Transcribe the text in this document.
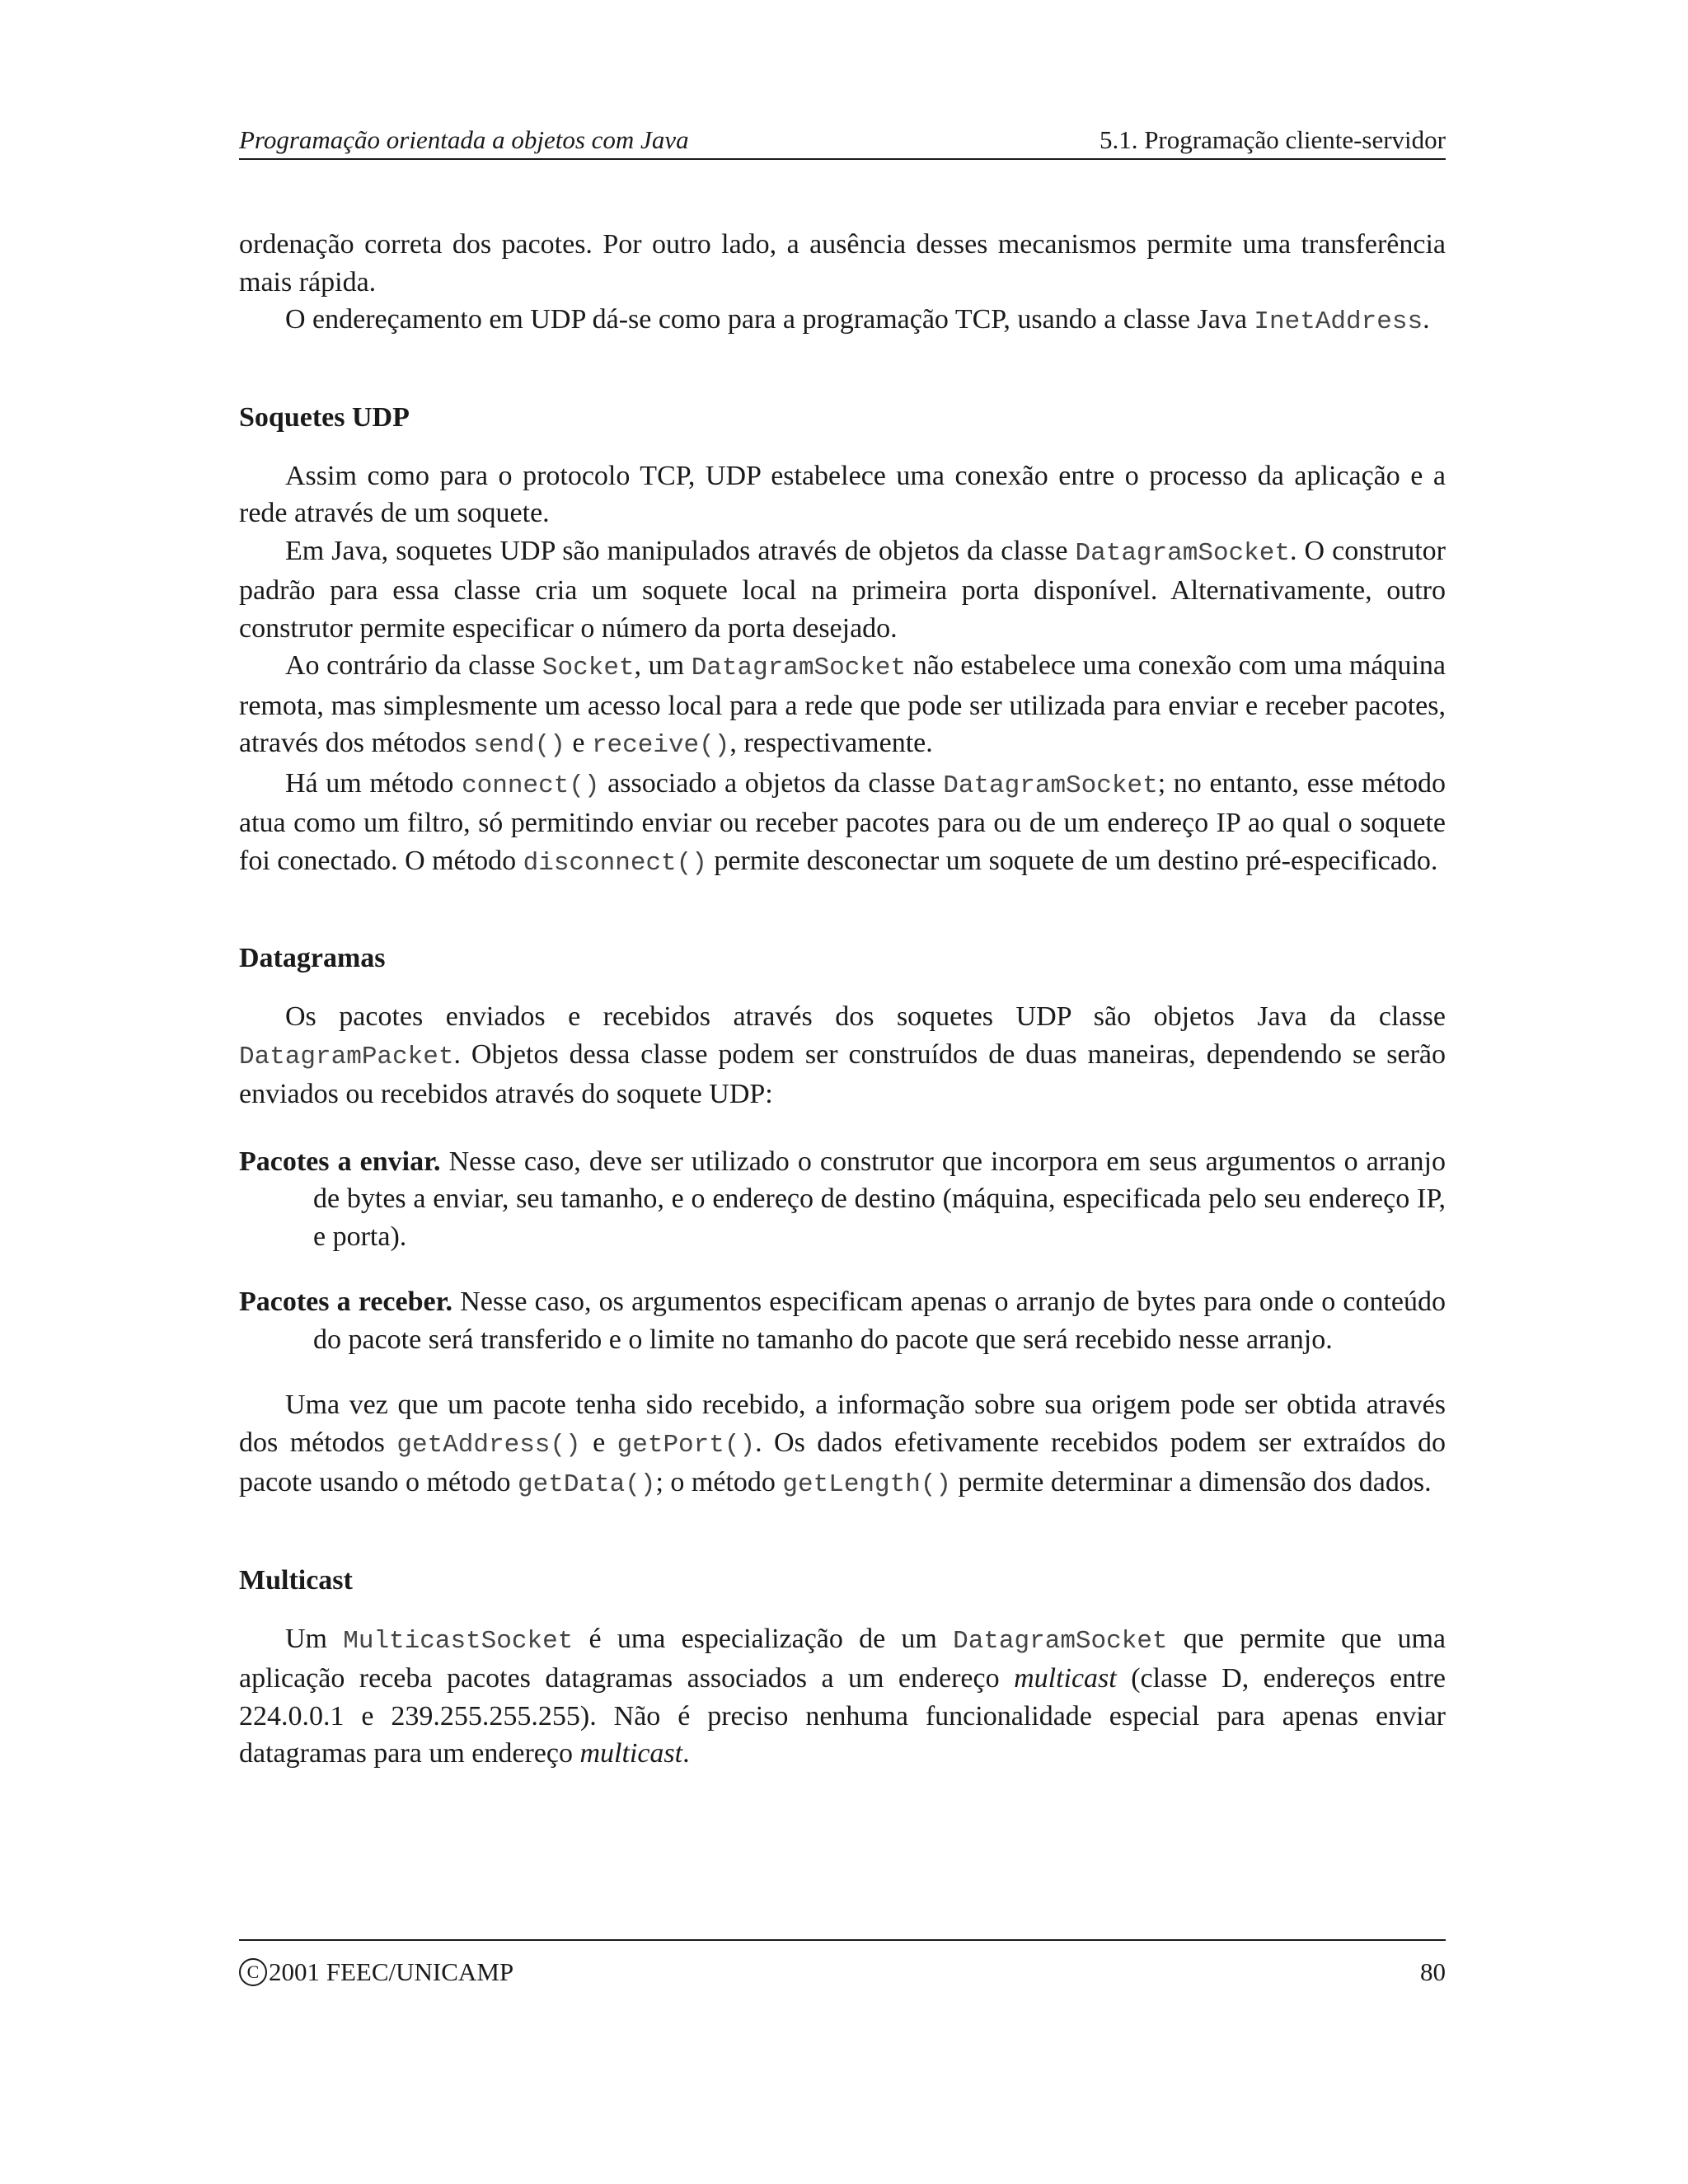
Programação orientada a objetos com Java	5.1. Programação cliente-servidor

ordenação correta dos pacotes. Por outro lado, a ausência desses mecanismos permite uma transferência mais rápida.

O endereçamento em UDP dá-se como para a programação TCP, usando a classe Java InetAddress.

Soquetes UDP

Assim como para o protocolo TCP, UDP estabelece uma conexão entre o processo da aplicação e a rede através de um soquete.

Em Java, soquetes UDP são manipulados através de objetos da classe DatagramSocket. O construtor padrão para essa classe cria um soquete local na primeira porta disponível. Alternativamente, outro construtor permite especificar o número da porta desejado.

Ao contrário da classe Socket, um DatagramSocket não estabelece uma conexão com uma máquina remota, mas simplesmente um acesso local para a rede que pode ser utilizada para enviar e receber pacotes, através dos métodos send() e receive(), respectivamente.

Há um método connect() associado a objetos da classe DatagramSocket; no entanto, esse método atua como um filtro, só permitindo enviar ou receber pacotes para ou de um endereço IP ao qual o soquete foi conectado. O método disconnect() permite desconectar um soquete de um destino pré-especificado.

Datagramas

Os pacotes enviados e recebidos através dos soquetes UDP são objetos Java da classe DatagramPacket. Objetos dessa classe podem ser construídos de duas maneiras, dependendo se serão enviados ou recebidos através do soquete UDP:

Pacotes a enviar. Nesse caso, deve ser utilizado o construtor que incorpora em seus argumentos o arranjo de bytes a enviar, seu tamanho, e o endereço de destino (máquina, especificada pelo seu endereço IP, e porta).
Pacotes a receber. Nesse caso, os argumentos especificam apenas o arranjo de bytes para onde o conteúdo do pacote será transferido e o limite no tamanho do pacote que será recebido nesse arranjo.

Uma vez que um pacote tenha sido recebido, a informação sobre sua origem pode ser obtida através dos métodos getAddress() e getPort(). Os dados efetivamente recebidos podem ser extraídos do pacote usando o método getData(); o método getLength() permite determinar a dimensão dos dados.

Multicast

Um MulticastSocket é uma especialização de um DatagramSocket que permite que uma aplicação receba pacotes datagramas associados a um endereço multicast (classe D, endereços entre 224.0.0.1 e 239.255.255.255). Não é preciso nenhuma funcionalidade especial para apenas enviar datagramas para um endereço multicast.

C 2001 FEEC/UNICAMP	80
